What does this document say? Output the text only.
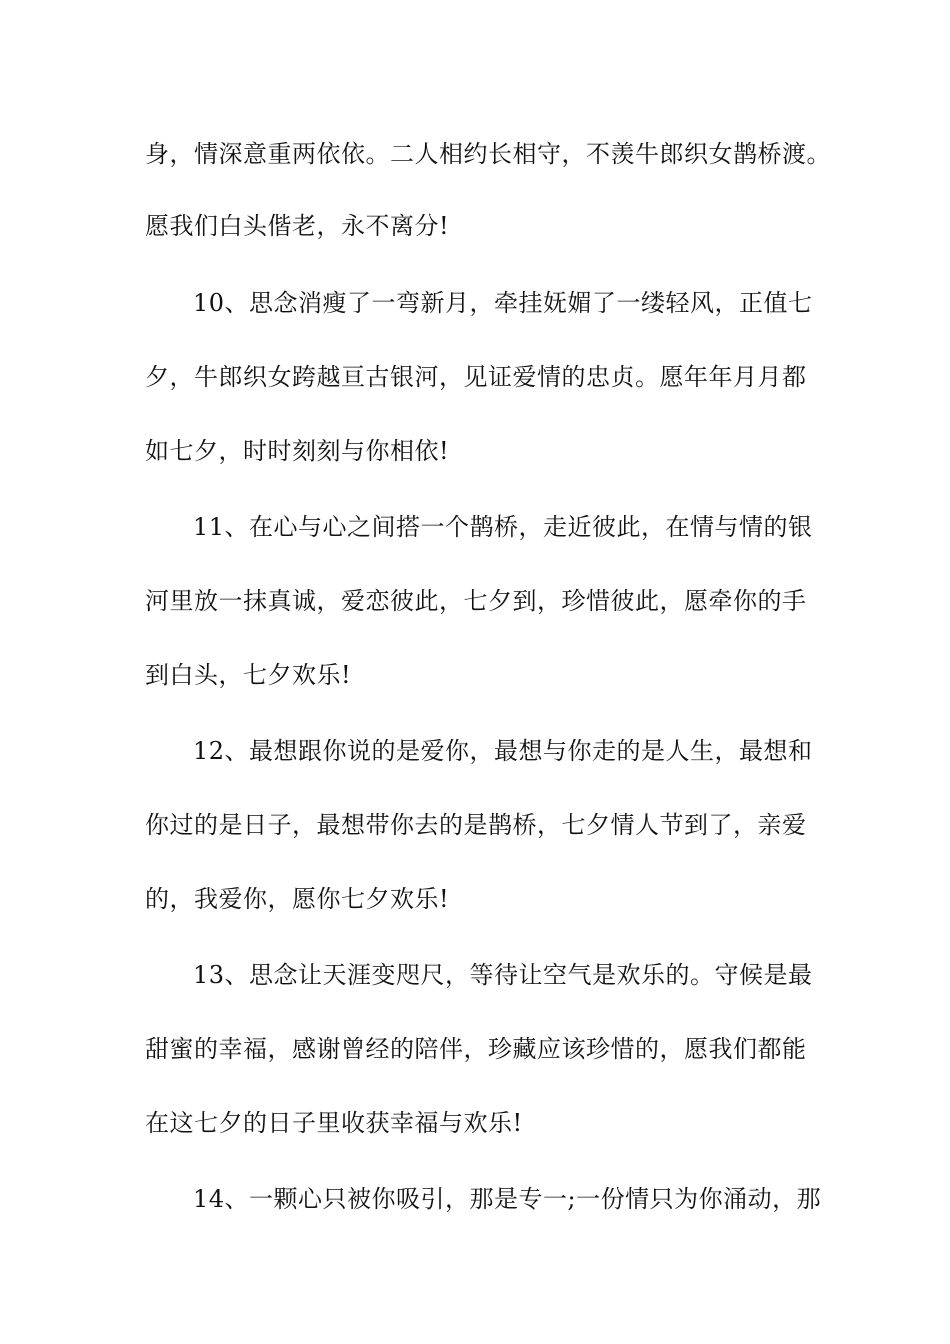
身，情深意重两依依。二人相约长相守，不羡牛郎织女鹊桥渡。
愿我们白头偕老，永不离分!
10、思念消瘦了一弯新月，牵挂妩媚了一缕轻风，正值七
夕，牛郎织女跨越亘古银河，见证爱情的忠贞。愿年年月月都
如七夕，时时刻刻与你相依!
11、在心与心之间搭一个鹊桥，走近彼此，在情与情的银
河里放一抹真诚，爱恋彼此，七夕到，珍惜彼此，愿牵你的手
到白头，七夕欢乐!
12、最想跟你说的是爱你，最想与你走的是人生，最想和
你过的是日子，最想带你去的是鹊桥，七夕情人节到了，亲爱
的，我爱你，愿你七夕欢乐!
13、思念让天涯变咫尺，等待让空气是欢乐的。守候是最
甜蜜的幸福，感谢曾经的陪伴，珍藏应该珍惜的，愿我们都能
在这七夕的日子里收获幸福与欢乐!
14、一颗心只被你吸引，那是专一;一份情只为你涌动，那
